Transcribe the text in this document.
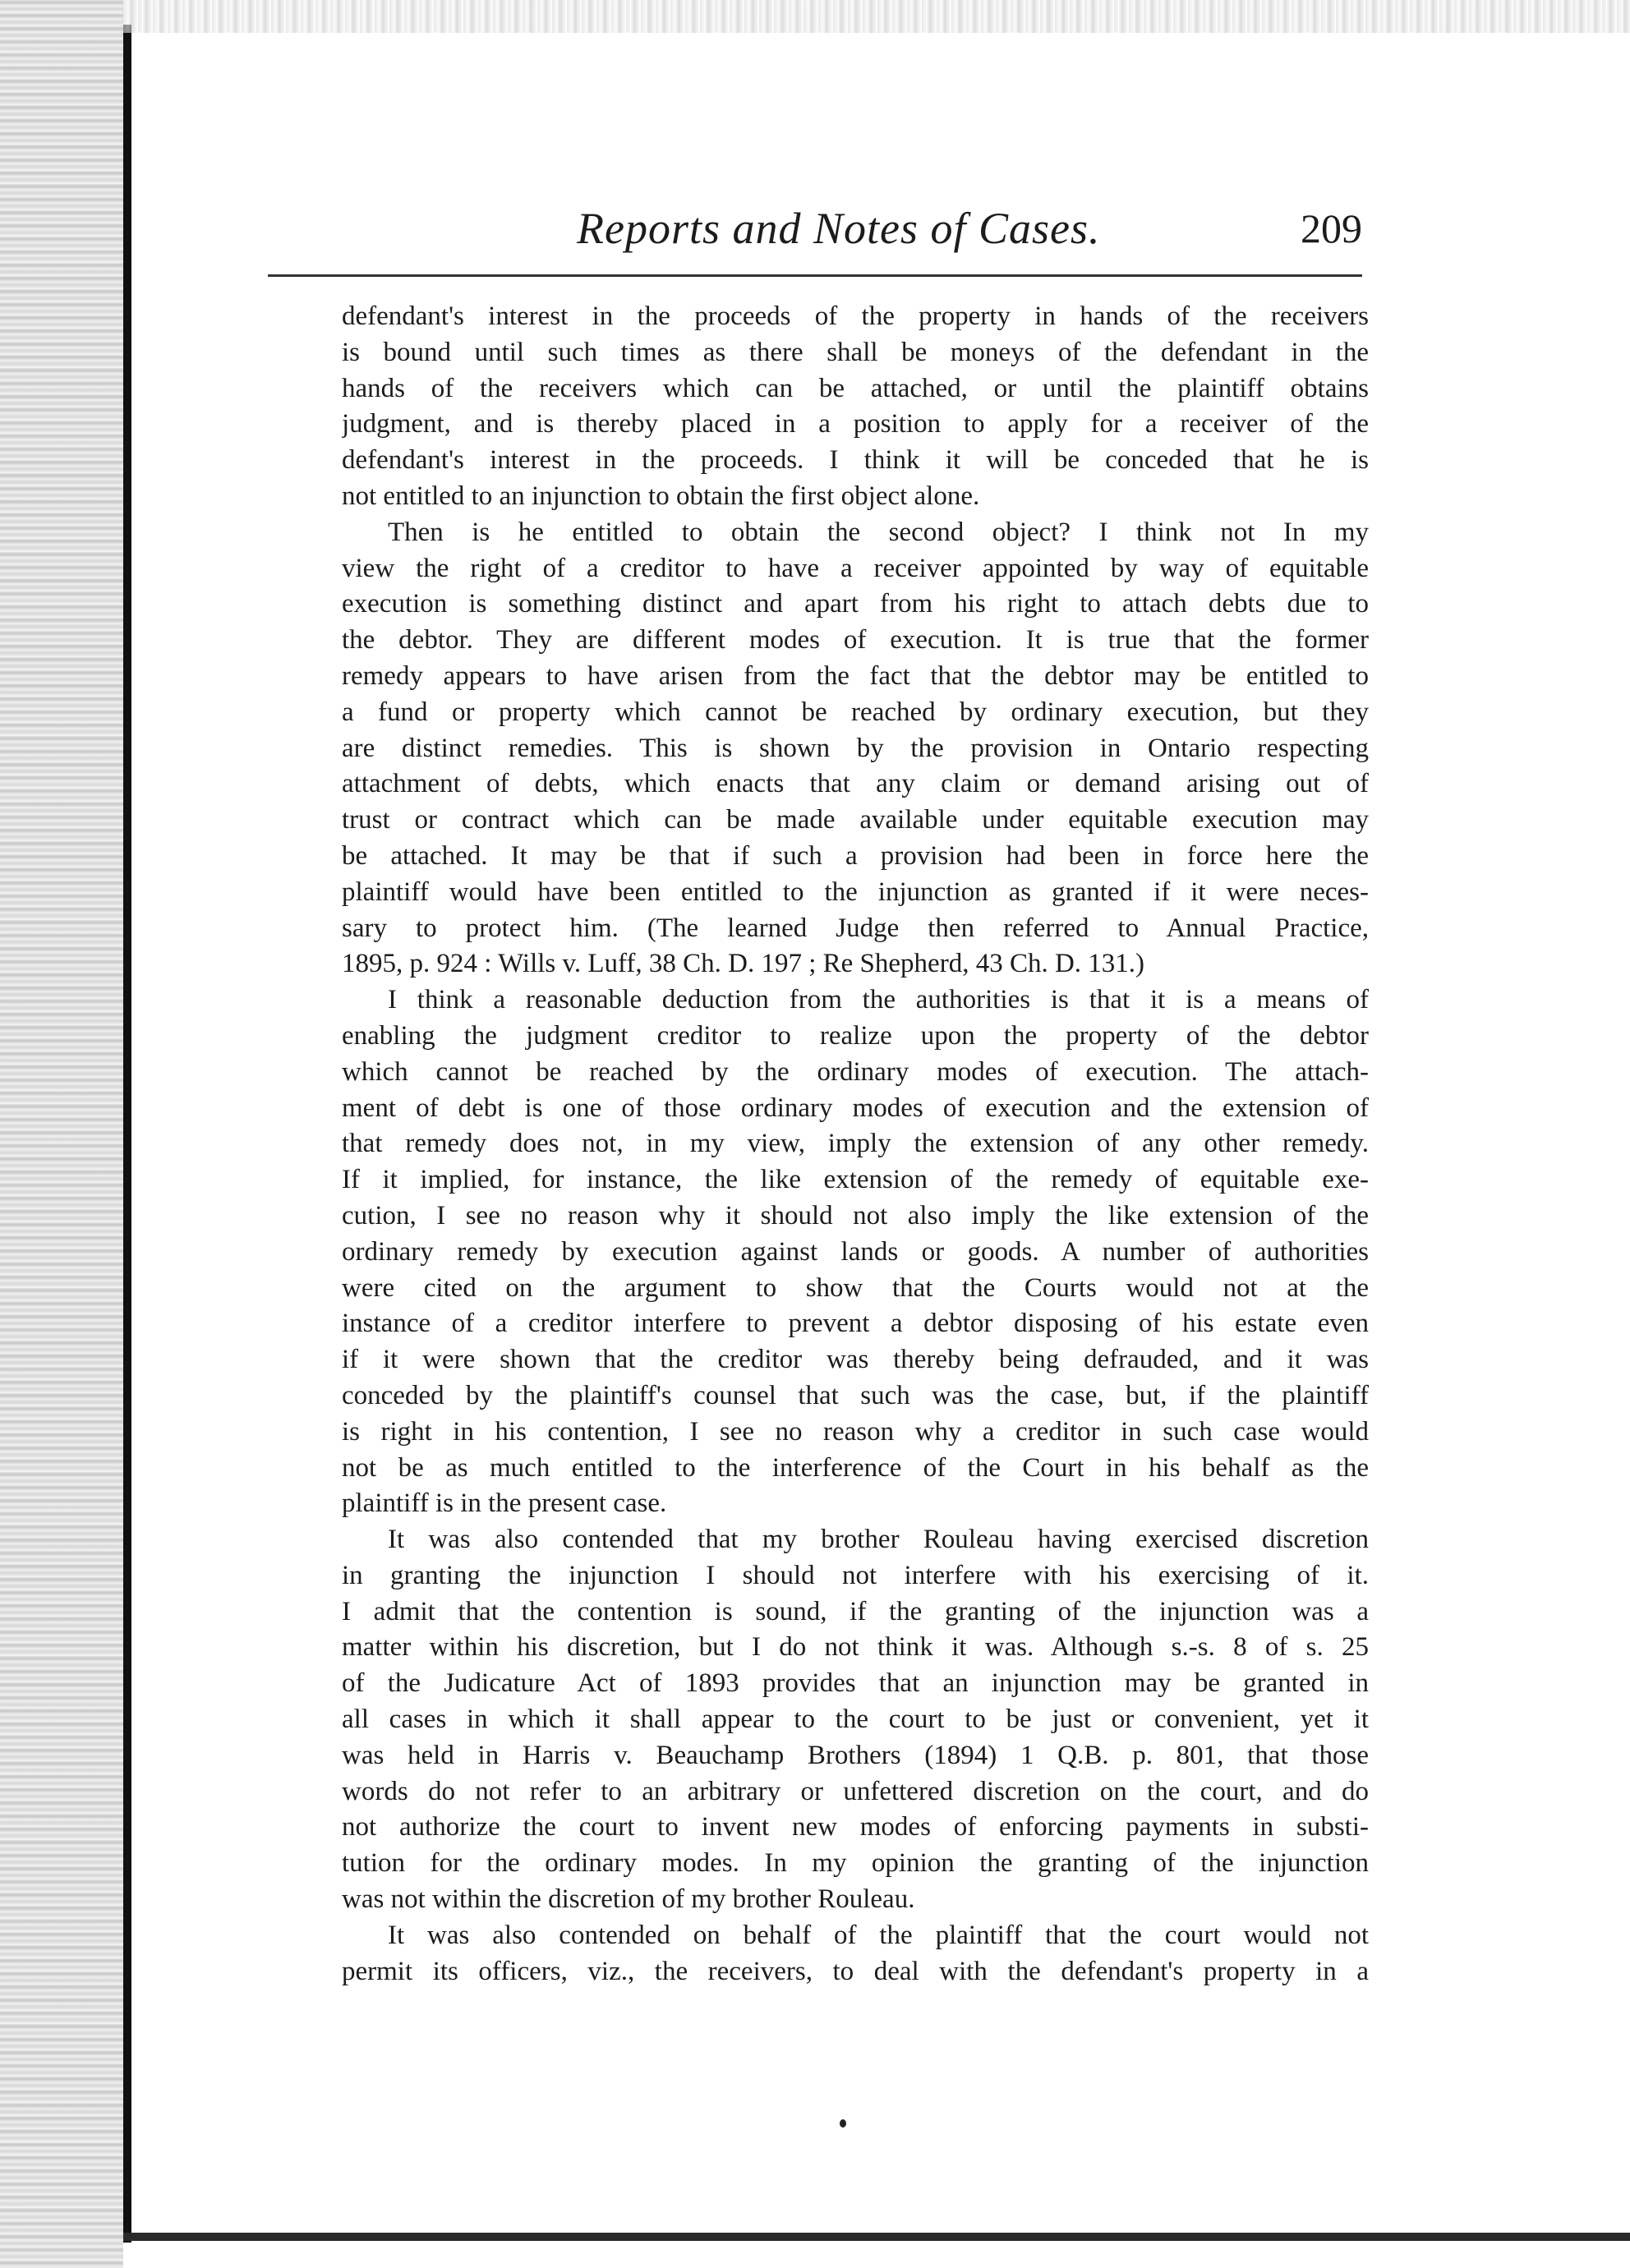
Reports and Notes of Cases.	209
defendant's interest in the proceeds of the property in hands of the receivers
is bound until such times as there shall be moneys of the defendant in the
hands of the receivers which can be attached, or until the plaintiff obtains
judgment, and is thereby placed in a position to apply for a receiver of the
defendant's interest in the proceeds. I think it will be conceded that he is
not entitled to an injunction to obtain the first object alone.
Then is he entitled to obtain the second object? I think not In my
view the right of a creditor to have a receiver appointed by way of equitable
execution is something distinct and apart from his right to attach debts due to
the debtor. They are different modes of execution. It is true that the former
remedy appears to have arisen from the fact that the debtor may be entitled to
a fund or property which cannot be reached by ordinary execution, but they
are distinct remedies. This is shown by the provision in Ontario respecting
attachment of debts, which enacts that any claim or demand arising out of
trust or contract which can be made available under equitable execution may
be attached. It may be that if such a provision had been in force here the
plaintiff would have been entitled to the injunction as granted if it were neces-
sary to protect him. (The learned Judge then referred to Annual Practice,
1895, p. 924 : Wills v. Luff, 38 Ch. D. 197 ; Re Shepherd, 43 Ch. D. 131.)
I think a reasonable deduction from the authorities is that it is a means of
enabling the judgment creditor to realize upon the property of the debtor
which cannot be reached by the ordinary modes of execution. The attach-
ment of debt is one of those ordinary modes of execution and the extension of
that remedy does not, in my view, imply the extension of any other remedy.
If it implied, for instance, the like extension of the remedy of equitable exe-
cution, I see no reason why it should not also imply the like extension of the
ordinary remedy by execution against lands or goods. A number of authorities
were cited on the argument to show that the Courts would not at the
instance of a creditor interfere to prevent a debtor disposing of his estate even
if it were shown that the creditor was thereby being defrauded, and it was
conceded by the plaintiff's counsel that such was the case, but, if the plaintiff
is right in his contention, I see no reason why a creditor in such case would
not be as much entitled to the interference of the Court in his behalf as the
plaintiff is in the present case.
It was also contended that my brother Rouleau having exercised discretion
in granting the injunction I should not interfere with his exercising of it.
I admit that the contention is sound, if the granting of the injunction was a
matter within his discretion, but I do not think it was. Although s.-s. 8 of s. 25
of the Judicature Act of 1893 provides that an injunction may be granted in
all cases in which it shall appear to the court to be just or convenient, yet it
was held in Harris v. Beauchamp Brothers (1894) 1 Q.B. p. 801, that those
words do not refer to an arbitrary or unfettered discretion on the court, and do
not authorize the court to invent new modes of enforcing payments in substi-
tution for the ordinary modes. In my opinion the granting of the injunction
was not within the discretion of my brother Rouleau.
It was also contended on behalf of the plaintiff that the court would not
permit its officers, viz., the receivers, to deal with the defendant's property in a
